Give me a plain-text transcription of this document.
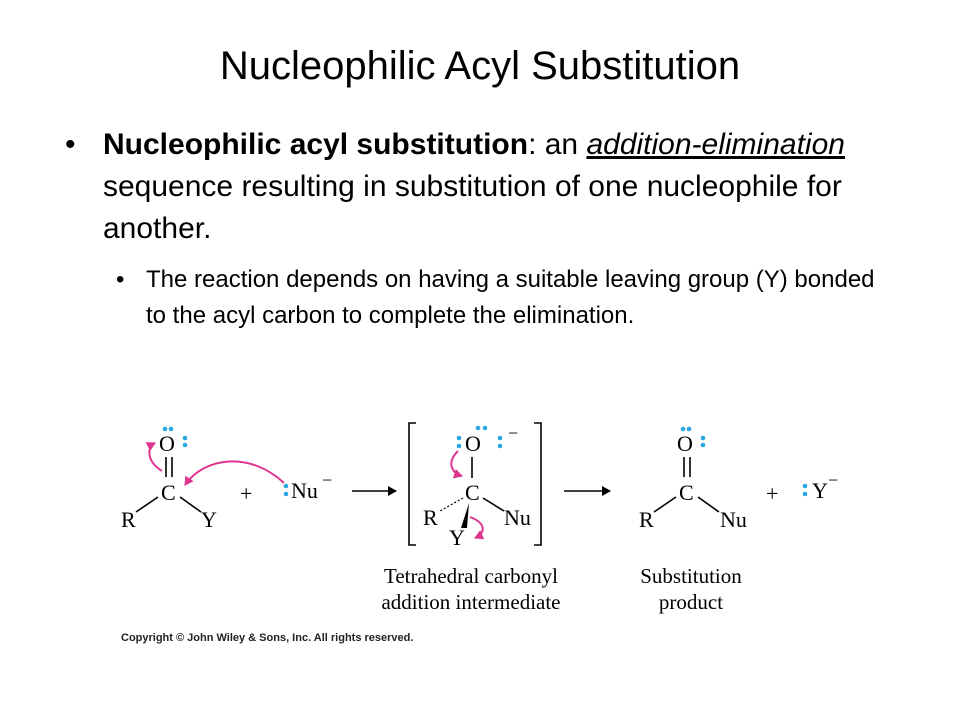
Nucleophilic Acyl Substitution
• Nucleophilic acyl substitution: an addition-elimination sequence resulting in substitution of one nucleophile for another.
• The reaction depends on having a suitable leaving group (Y) bonded to the acyl carbon to complete the elimination.
O
C
R	Y
+ Nu −
O −
C
R	Nu
Y
O
C
R	Nu
+ Y −
Tetrahedral carbonyl
addition intermediate
Substitution
product
Copyright © John Wiley & Sons, Inc. All rights reserved.
